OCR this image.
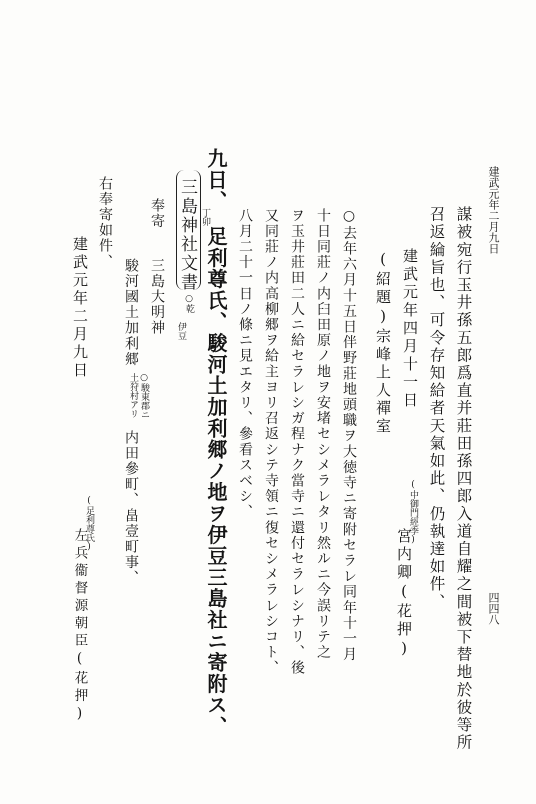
建武元年二月九日
謀被宛行玉井孫五郎爲直并莊田孫四郎入道自耀之間被下替地於彼等所
召返綸旨也、可令存知給者天氣如此、仍執達如件、
建武元年四月十一日
(中御門經季)
宮内卿(花押)
(紹題)宗峰上人禪室
○去年六月十五日伴野莊地頭職ヲ大徳寺ニ寄附セラレ同年十一月
十日同莊ノ内臼田原ノ地ヲ安堵セシメラレタリ然ルニ今誤リテ之
ヲ玉井莊田二人ニ給セラレシガ程ナク當寺ニ還付セラレシナリ、後
又同莊ノ内高柳郷ヲ給主ヨリ召返シテ寺領ニ復セシメラレシコト、
八月二十一日ノ條ニ見エタリ、參看スベシ、
九日、
丁卯
足利尊氏、駿河土加利郷ノ地ヲ伊豆三島社ニ寄附ス、
三島神社文書
○乾
伊豆
奉寄
三島大明神
駿河國土加利郷
○駿東郡ニ
土狩村アリ
内田參町、畠壹町事、
右奉寄如件、
建武元年二月九日
(足利尊氏)
左兵衞督源朝臣(花押)	四四八
